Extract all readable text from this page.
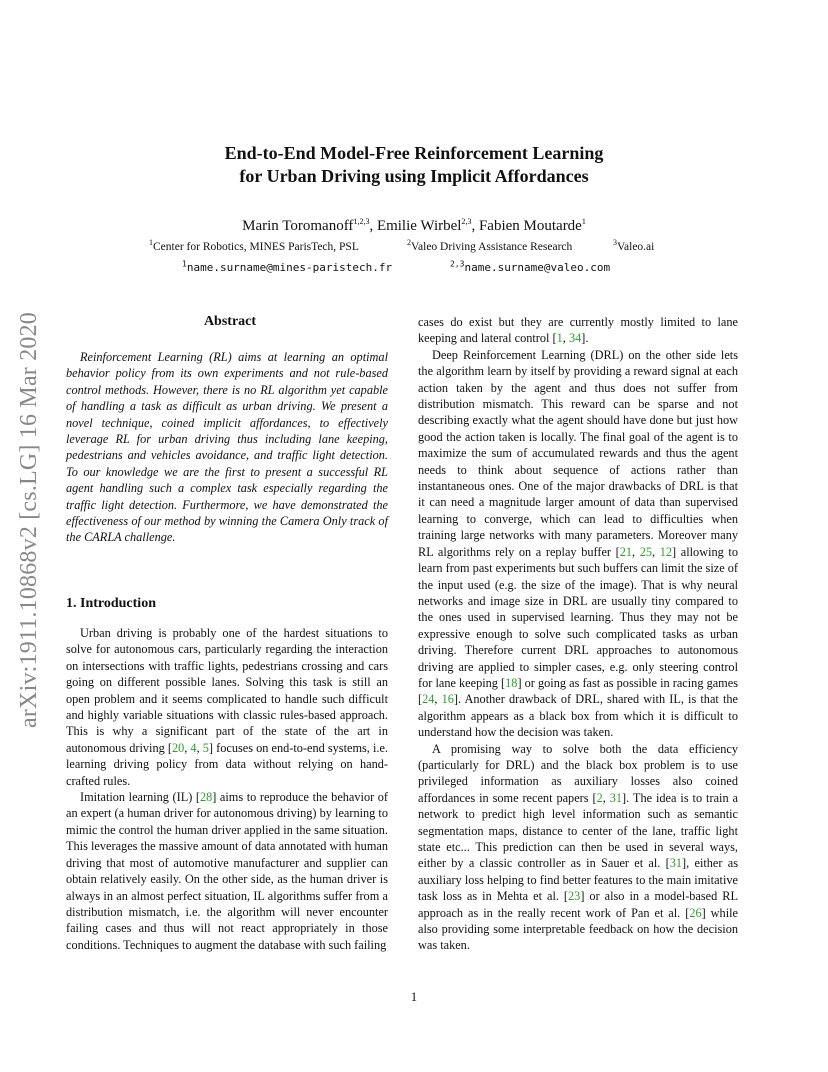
arXiv:1911.10868v2 [cs.LG] 16 Mar 2020
End-to-End Model-Free Reinforcement Learning
for Urban Driving using Implicit Affordances
Marin Toromanoff$^{1,2,3}$, Emilie Wirbel$^{2,3}$, Fabien Moutarde$^1$
$^1$Center for Robotics, MINES ParisTech, PSL	$^2$Valeo Driving Assistance Research	$^3$Valeo.ai
$^1$name.surname@mines-paristech.fr	$^{2,3}$name.surname@valeo.com
Abstract
Reinforcement Learning (RL) aims at learning an optimal behavior policy from its own experiments and not rule-based control methods. However, there is no RL algorithm yet capable of handling a task as difficult as urban driving. We present a novel technique, coined implicit affordances, to effectively leverage RL for urban driving thus including lane keeping, pedestrians and vehicles avoidance, and traffic light detection. To our knowledge we are the first to present a successful RL agent handling such a complex task especially regarding the traffic light detection. Furthermore, we have demonstrated the effectiveness of our method by winning the Camera Only track of the CARLA challenge.
1. Introduction

Urban driving is probably one of the hardest situations to solve for autonomous cars, particularly regarding the interaction on intersections with traffic lights, pedestrians crossing and cars going on different possible lanes. Solving this task is still an open problem and it seems complicated to handle such difficult and highly variable situations with classic rules-based approach. This is why a significant part of the state of the art in autonomous driving [20, 4, 5] focuses on end-to-end systems, i.e. learning driving policy from data without relying on hand-crafted rules.

Imitation learning (IL) [28] aims to reproduce the behavior of an expert (a human driver for autonomous driving) by learning to mimic the control the human driver applied in the same situation. This leverages the massive amount of data annotated with human driving that most of automotive manufacturer and supplier can obtain relatively easily. On the other side, as the human driver is always in an almost perfect situation, IL algorithms suffer from a distribution mismatch, i.e. the algorithm will never encounter failing cases and thus will not react appropriately in those conditions. Techniques to augment the database with such failing

cases do exist but they are currently mostly limited to lane keeping and lateral control [1, 34].

Deep Reinforcement Learning (DRL) on the other side lets the algorithm learn by itself by providing a reward signal at each action taken by the agent and thus does not suffer from distribution mismatch. This reward can be sparse and not describing exactly what the agent should have done but just how good the action taken is locally. The final goal of the agent is to maximize the sum of accumulated rewards and thus the agent needs to think about sequence of actions rather than instantaneous ones. One of the major drawbacks of DRL is that it can need a magnitude larger amount of data than supervised learning to converge, which can lead to difficulties when training large networks with many parameters. Moreover many RL algorithms rely on a replay buffer [21, 25, 12] allowing to learn from past experiments but such buffers can limit the size of the input used (e.g. the size of the image). That is why neural networks and image size in DRL are usually tiny compared to the ones used in supervised learning. Thus they may not be expressive enough to solve such complicated tasks as urban driving. Therefore current DRL approaches to autonomous driving are applied to simpler cases, e.g. only steering control for lane keeping [18] or going as fast as possible in racing games [24, 16]. Another drawback of DRL, shared with IL, is that the algorithm appears as a black box from which it is difficult to understand how the decision was taken.

A promising way to solve both the data efficiency (particularly for DRL) and the black box problem is to use privileged information as auxiliary losses also coined affordances in some recent papers [2, 31]. The idea is to train a network to predict high level information such as semantic segmentation maps, distance to center of the lane, traffic light state etc... This prediction can then be used in several ways, either by a classic controller as in Sauer et al. [31], either as auxiliary loss helping to find better features to the main imitative task loss as in Mehta et al. [23] or also in a model-based RL approach as in the really recent work of Pan et al. [26] while also providing some interpretable feedback on how the decision was taken.

1
